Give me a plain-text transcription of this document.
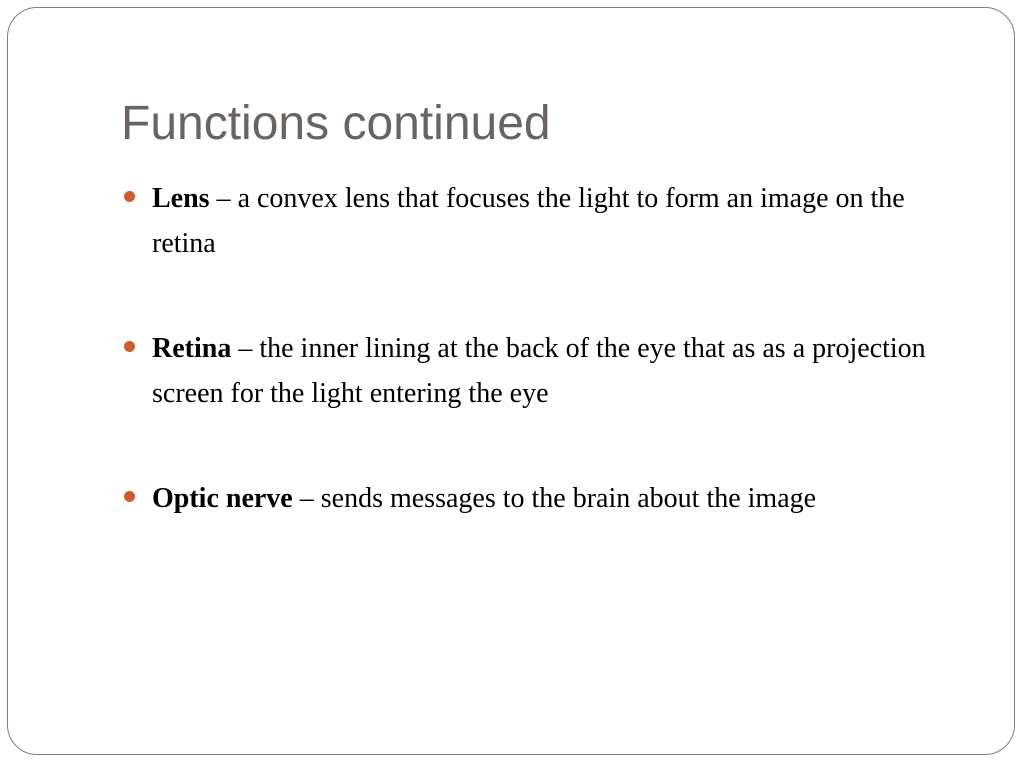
Functions continued
Lens – a convex lens that focuses the light to form an image on the retina
Retina – the inner lining at the back of the eye that as as a projection screen for the light entering the eye
Optic nerve – sends messages to the brain about the image
